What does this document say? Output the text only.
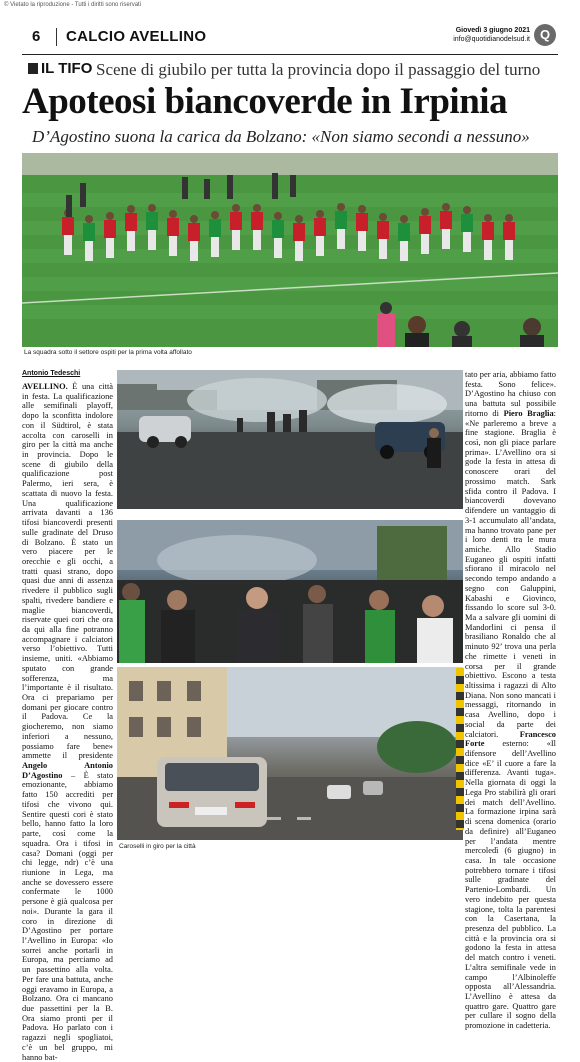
© Vietato la riproduzione - Tutti i diritti sono riservati
6 CALCIO AVELLINO	Giovedì 3 giugno 2021
info@quotidianodelsud.it Q
IL TIFO Scene di giubilo per tutta la provincia dopo il passaggio del turno
Apoteosi biancoverde in Irpinia
D’Agostino suona la carica da Bolzano: «Non siamo secondi a nessuno»
La squadra sotto il settore ospiti per la prima volta affollato
Antonio Tedeschi
AVELLINO. È una città in festa. La qualificazione alle semifinali playoff, dopo la sconfitta indolore con il Südtirol, è stata accolta con caroselli in giro per la città ma anche in provincia. Dopo le scene di giubilo della qualificazione post Palermo, ieri sera, è scattata di nuovo la festa. Una qualificazione arrivata davanti a 136 tifosi biancoverdi presenti sulle gradinate del Druso di Bolzano. È stato un vero piacere per le orecchie e gli occhi, a tratti quasi strano, dopo quasi due anni di assenza rivedere il pubblico sugli spalti, rivedere bandiere e maglie biancoverdi, riservate quei cori che ora da qui alla fine potranno accompagnare i calciatori verso l’obiettivo. Tutti insieme, uniti. «Abbiamo sputato con grande sofferenza, ma l’importante è il risultato. Ora ci prepariamo per domani per giocare contro il Padova. Ce la giocheremo, non siamo inferiori a nessuno, possiamo fare bene» ammette il presidente Angelo Antonio D’Agostino – È stato emozionante, abbiamo fatto 150 accrediti per tifosi che vivono qui. Sentire questi cori è stato bello, hanno fatto la loro parte, così come la squadra. Ora i tifosi in casa? Domani (oggi per chi legge, ndr) c’è una riunione in Lega, ma anche se dovessero essere confermate le 1000 persone è già qualcosa per noi». Durante la gara il coro in direzione di D’Agostino per portare l’Avellino in Europa: «Io sorrei anche portarli in Europa, ma perciamo ad un passettino alla volta. Per fare una battuta, anche oggi eravamo in Europa, a Bolzano. Ora ci mancano due passettini per la B. Ora siamo pronti per il Padova. Ho parlato con i ragazzi negli spogliatoi, c’è un bel gruppo, mi hanno bat-
Caroselli in giro per la città
tato per aria, abbiamo fatto festa. Sono felice». D’Agostino ha chiuso con una battuta sul possibile ritorno di Piero Braglia: «Ne parleremo a breve a fine stagione. Braglia è così, non gli piace parlare prima». L’Avellino ora si gode la festa in attesa di conoscere orari del prossimo match. Sark sfida contro il Padova. I biancoverdi dovevano difendere un vantaggio di 3-1 accumulato all’andata, ma hanno trovato pane per i loro denti tra le mura amiche. Allo Stadio Euganeo gli ospiti infatti sfiorano il miracolo nel secondo tempo andando a segno con Galuppini, Kabashi e Giovinco, fissando lo score sul 3-0. Ma a salvare gli uomini di Mandorlini ci pensa il brasiliano Ronaldo che al minuto 92’ trova una perla che rimette i veneti in corsa per il grande obiettivo. Escono a testa altissima i ragazzi di Alto Diana. Non sono mancati i messaggi, ritornando in casa Avellino, dopo i social da parte dei calciatori.	Francesco Forte esterno: «Il difensore dell’Avellino dice «E’ il cuore a fare la differenza. Avanti tuga». Nella giornata di oggi la Lega Pro stabilirà gli orari dei match dell’Avellino. La formazione irpina sarà di scena domenica (orario da definire) all’Euganeo per l’andata mentre mercoledì (6 giugno) in casa. In tale occasione potrebbero tornare i tifosi sulle gradinate del Partenio-Lombardi. Un vero indebito per questa stagione, tolta la parentesi con la Casertana, la presenza del pubblico. La città e la provincia ora si godono la festa in attesa del match contro i veneti. L’altra semifinale vede in campo l’Albinoleffe opposta all’Alessandria. L’Avellino è attesa da quattro gare. Quattro gare per cullare il sogno della promozione in cadetteria.
